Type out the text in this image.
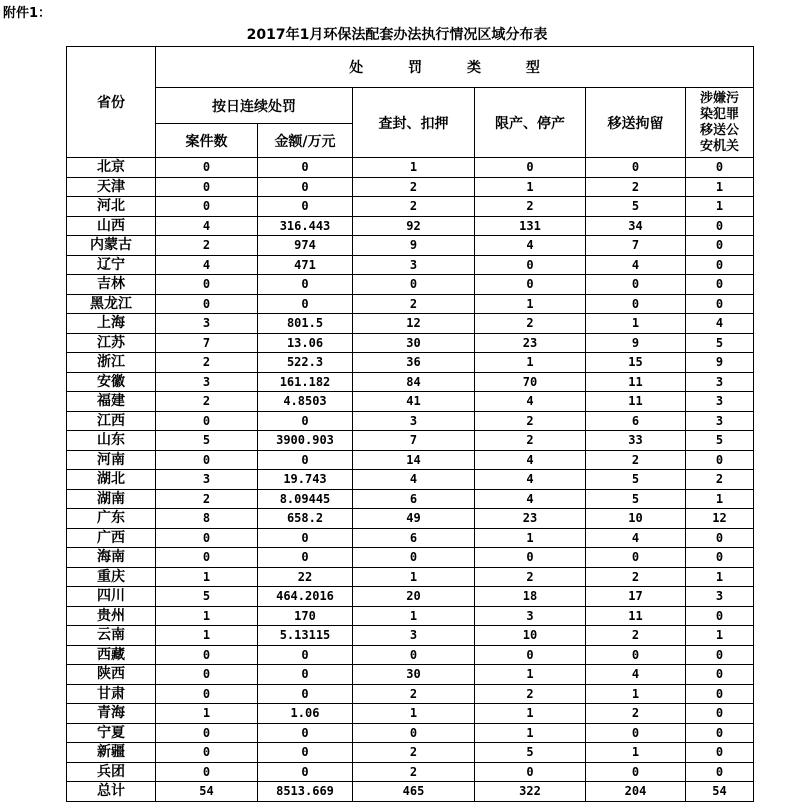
附件1：
2017年1月环保法配套办法执行情况区域分布表
省份	处 罚 类 型					
	按日连续处罚		查封、扣押	限产、停产	移送拘留	涉嫌污
染犯罪
移送公
安机关

	案件数	金额/万元				
北京	0	0	1	0	0	0
天津	0	0	2	1	2	1
河北	0	0	2	2	5	1
山西	4	316.443	92	131	34	0
内蒙古	2	974	9	4	7	0
辽宁	4	471	3	0	4	0
吉林	0	0	0	0	0	0
黑龙江	0	0	2	1	0	0
上海	3	801.5	12	2	1	4
江苏	7	13.06	30	23	9	5
浙江	2	522.3	36	1	15	9
安徽	3	161.182	84	70	11	3
福建	2	4.8503	41	4	11	3
江西	0	0	3	2	6	3
山东	5	3900.903	7	2	33	5
河南	0	0	14	4	2	0
湖北	3	19.743	4	4	5	2
湖南	2	8.09445	6	4	5	1
广东	8	658.2	49	23	10	12
广西	0	0	6	1	4	0
海南	0	0	0	0	0	0
重庆	1	22	1	2	2	1
四川	5	464.2016	20	18	17	3
贵州	1	170	1	3	11	0
云南	1	5.13115	3	10	2	1
西藏	0	0	0	0	0	0
陕西	0	0	30	1	4	0
甘肃	0	0	2	2	1	0
青海	1	1.06	1	1	2	0
宁夏	0	0	0	1	0	0
新疆	0	0	2	5	1	0
兵团	0	0	2	0	0	0
总计	54	8513.669	465	322	204	54
